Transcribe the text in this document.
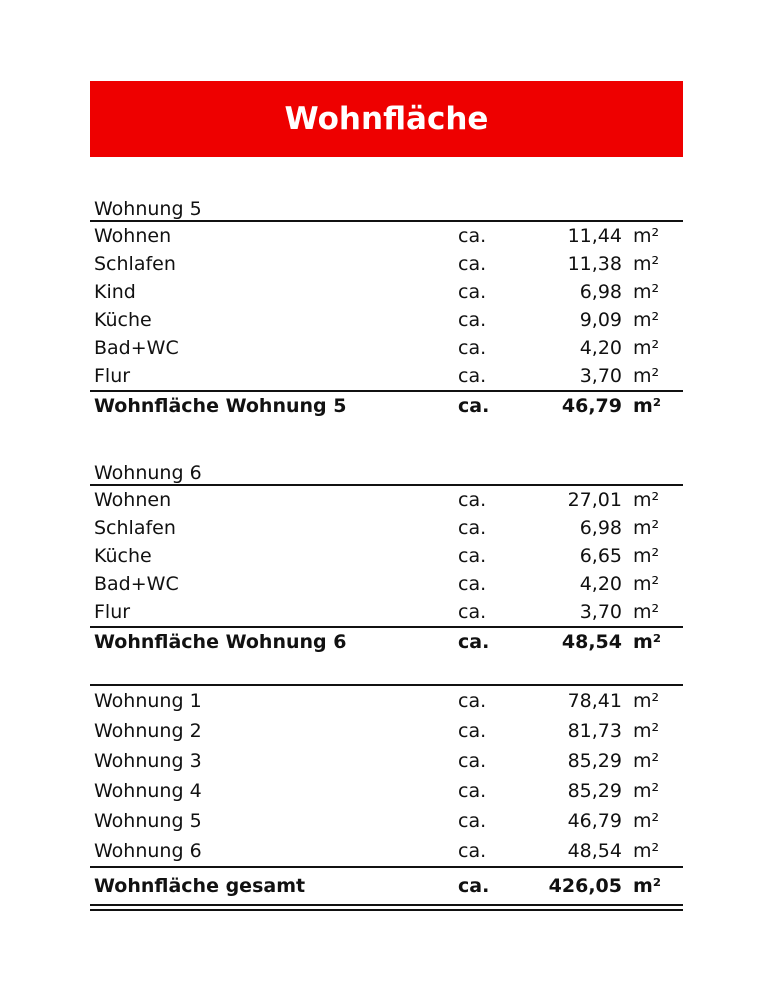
Wohnfläche
Wohnung 5
Wohnen	ca.	11,44 m²
Schlafen	ca.	11,38 m²
Kind	ca.	6,98 m²
Küche	ca.	9,09 m²
Bad+WC	ca.	4,20 m²
Flur	ca.	3,70 m²
Wohnfläche Wohnung 5	ca.	46,79 m²
Wohnung 6
Wohnen	ca.	27,01 m²
Schlafen	ca.	6,98 m²
Küche	ca.	6,65 m²
Bad+WC	ca.	4,20 m²
Flur	ca.	3,70 m²
Wohnfläche Wohnung 6	ca.	48,54 m²
Wohnung 1	ca.	78,41 m²
Wohnung 2	ca.	81,73 m²
Wohnung 3	ca.	85,29 m²
Wohnung 4	ca.	85,29 m²
Wohnung 5	ca.	46,79 m²
Wohnung 6	ca.	48,54 m²
Wohnfläche gesamt	ca.	426,05 m²
